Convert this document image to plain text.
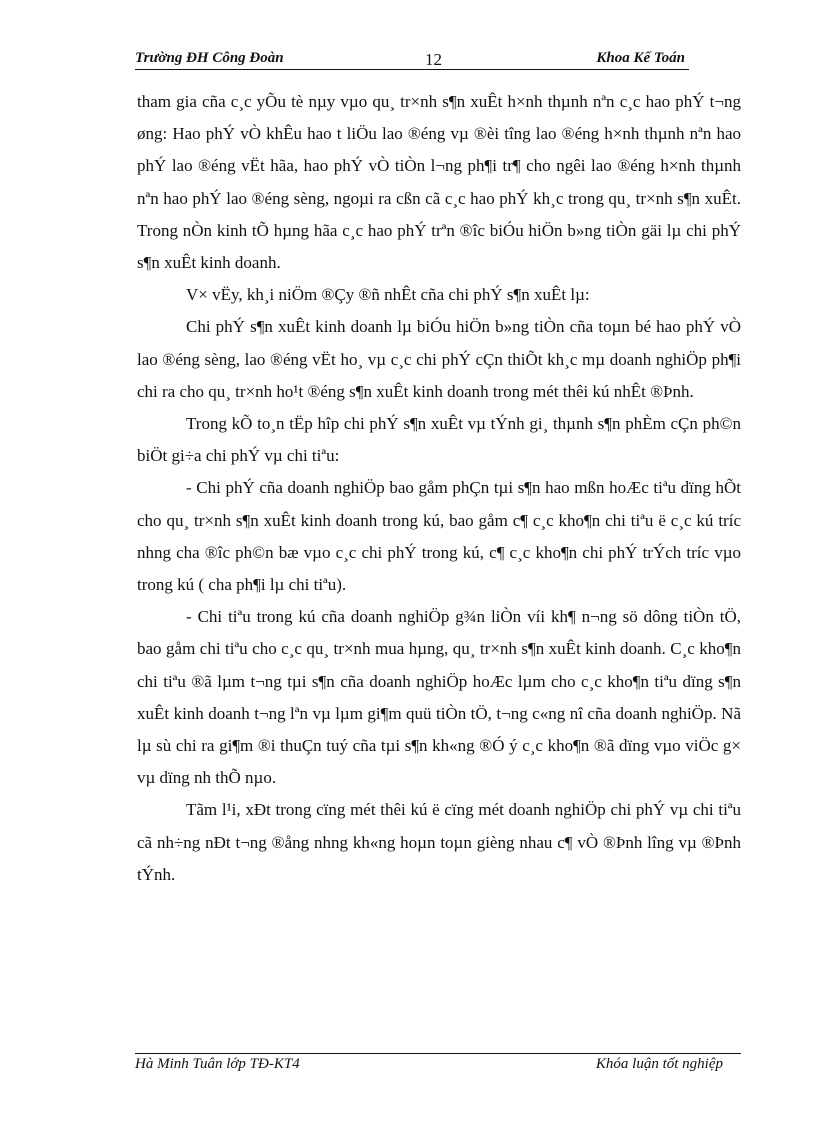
Trường ĐH Công Đoàn	12	Khoa Kế Toán

tham gia cña c¸c yÕu tè nµy vµo qu¸ tr×nh s¶n xuÊt h×nh thµnh nªn c¸c hao phÝ t¬ng øng: Hao phÝ vÒ khÊu hao t liÖu lao ®éng vµ ®èi tîng lao ®éng h×nh thµnh nªn hao phÝ lao ®éng vËt hãa, hao phÝ vÒ tiÒn l¬ng ph¶i tr¶ cho ngêi lao ®éng h×nh thµnh nªn hao phÝ lao ®éng sèng, ngoµi ra cßn cã c¸c hao phÝ kh¸c trong qu¸ tr×nh s¶n xuÊt. Trong nÒn kinh tÕ hµng hãa c¸c hao phÝ trªn ®îc biÓu hiÖn b»ng tiÒn gäi lµ chi phÝ s¶n xuÊt kinh doanh.

V× vËy, kh¸i niÖm ®Çy ®ñ nhÊt cña chi phÝ s¶n xuÊt lµ:

Chi phÝ s¶n xuÊt kinh doanh lµ biÓu hiÖn b»ng tiÒn cña toµn bé hao phÝ vÒ lao ®éng sèng, lao ®éng vËt ho¸ vµ c¸c chi phÝ cÇn thiÕt kh¸c mµ doanh nghiÖp ph¶i chi ra cho qu¸ tr×nh ho¹t ®éng s¶n xuÊt kinh doanh trong mét thêi kú nhÊt ®Þnh.

Trong kÕ to¸n tËp hîp chi phÝ s¶n xuÊt vµ tÝnh gi¸ thµnh s¶n phÈm cÇn ph©n biÖt gi÷a chi phÝ vµ chi tiªu:

- Chi phÝ cña doanh nghiÖp bao gåm phÇn tµi s¶n hao mßn hoÆc tiªu dïng hÕt cho qu¸ tr×nh s¶n xuÊt kinh doanh trong kú, bao gåm c¶ c¸c kho¶n chi tiªu ë c¸c kú tríc nhng cha ®îc ph©n bæ vµo c¸c chi phÝ trong kú, c¶ c¸c kho¶n chi phÝ trÝch tríc vµo trong kú ( cha ph¶i lµ chi tiªu).

- Chi tiªu trong kú cña doanh nghiÖp g¾n liÒn víi kh¶ n¬ng sö dông tiÒn tÖ, bao gåm chi tiªu cho c¸c qu¸ tr×nh mua hµng, qu¸ tr×nh s¶n xuÊt kinh doanh. C¸c kho¶n chi tiªu ®ã lµm t¬ng tµi s¶n cña doanh nghiÖp hoÆc lµm cho c¸c kho¶n tiªu dïng s¶n xuÊt kinh doanh t¬ng lªn vµ lµm gi¶m quü tiÒn tÖ, t¬ng c«ng nî cña doanh nghiÖp. Nã lµ sù chi ra gi¶m ®i thuÇn tuý cña tµi s¶n kh«ng ®Ó ý c¸c kho¶n ®ã dïng vµo viÖc g× vµ dïng nh thÕ nµo.

Tãm l¹i, xÐt trong cïng mét thêi kú ë cïng mét doanh nghiÖp chi phÝ vµ chi tiªu cã nh÷ng nÐt t¬ng ®ång nhng kh«ng hoµn toµn gièng nhau c¶ vÒ ®Þnh lîng vµ ®Þnh tÝnh.

Hà Minh Tuân lớp TĐ-KT4	Khóa luận tốt nghiệp
